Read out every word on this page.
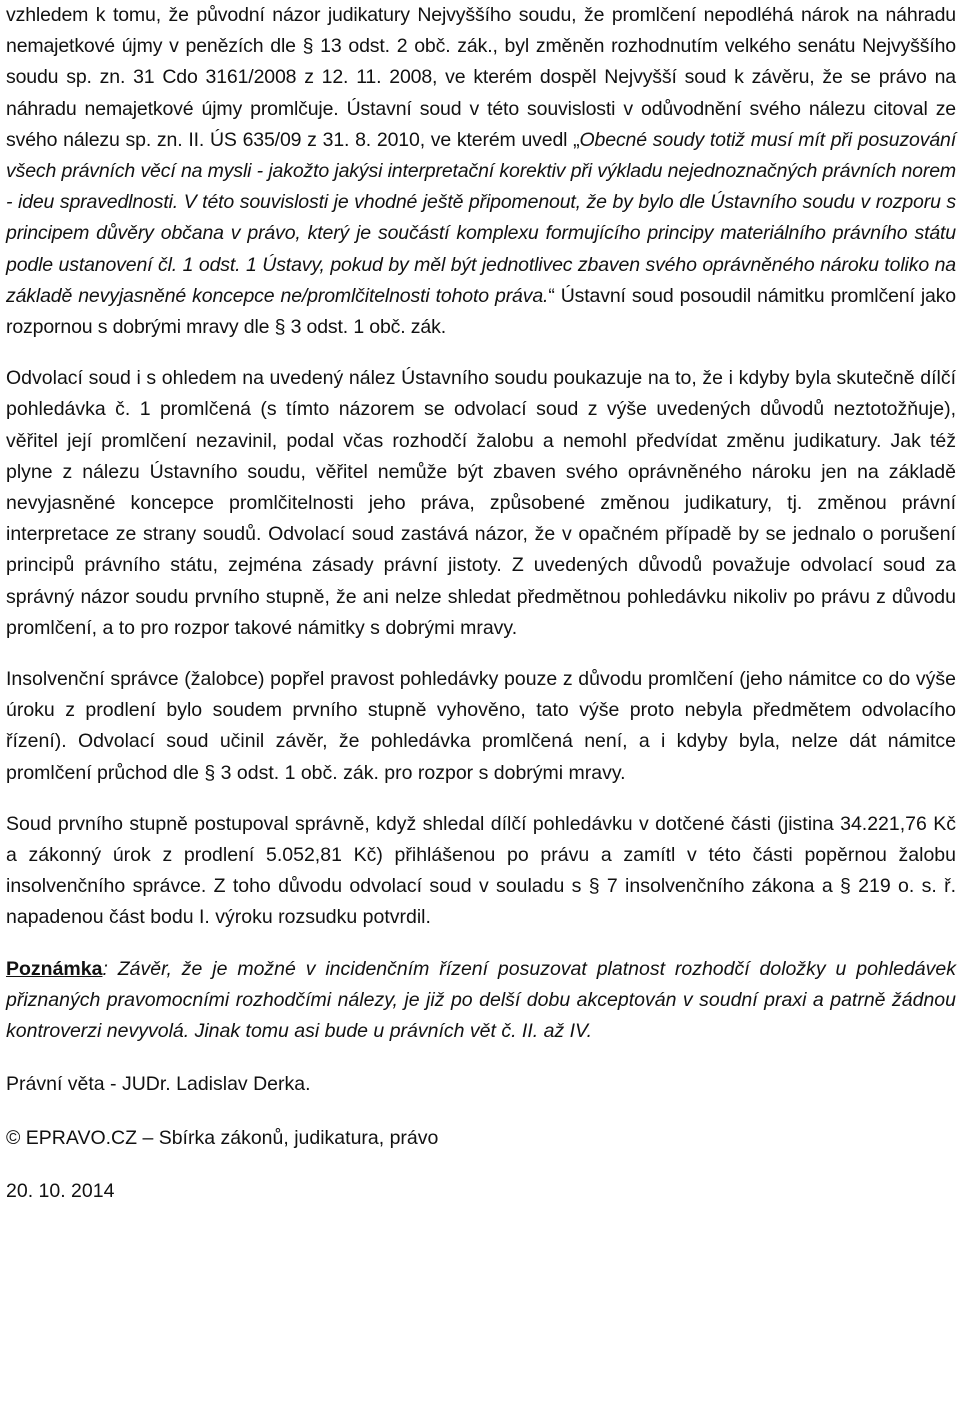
vzhledem k tomu, že původní názor judikatury Nejvyššího soudu, že promlčení nepodléhá nárok na náhradu nemajetkové újmy v penězích dle § 13 odst. 2 obč. zák., byl změněn rozhodnutím velkého senátu Nejvyššího soudu sp. zn. 31 Cdo 3161/2008 z 12. 11. 2008, ve kterém dospěl Nejvyšší soud k závěru, že se právo na náhradu nemajetkové újmy promlčuje. Ústavní soud v této souvislosti v odůvodnění svého nálezu citoval ze svého nálezu sp. zn. II. ÚS 635/09 z 31. 8. 2010, ve kterém uvedl „Obecné soudy totiž musí mít při posuzování všech právních věcí na mysli - jakožto jakýsi interpretační korektiv při výkladu nejednoznačných právních norem - ideu spravedlnosti. V této souvislosti je vhodné ještě připomenout, že by bylo dle Ústavního soudu v rozporu s principem důvěry občana v právo, který je součástí komplexu formujícího principy materiálního právního státu podle ustanovení čl. 1 odst. 1 Ústavy, pokud by měl být jednotlivec zbaven svého oprávněného nároku toliko na základě nevyjasněné koncepce ne/promlčitelnosti tohoto práva.“ Ústavní soud posoudil námitku promlčení jako rozpornou s dobrými mravy dle § 3 odst. 1 obč. zák.

Odvolací soud i s ohledem na uvedený nález Ústavního soudu poukazuje na to, že i kdyby byla skutečně dílčí pohledávka č. 1 promlčená (s tímto názorem se odvolací soud z výše uvedených důvodů neztotožňuje), věřitel její promlčení nezavinil, podal včas rozhodčí žalobu a nemohl předvídat změnu judikatury. Jak též plyne z nálezu Ústavního soudu, věřitel nemůže být zbaven svého oprávněného nároku jen na základě nevyjasněné koncepce promlčitelnosti jeho práva, způsobené změnou judikatury, tj. změnou právní interpretace ze strany soudů. Odvolací soud zastává názor, že v opačném případě by se jednalo o porušení principů právního státu, zejména zásady právní jistoty. Z uvedených důvodů považuje odvolací soud za správný názor soudu prvního stupně, že ani nelze shledat předmětnou pohledávku nikoliv po právu z důvodu promlčení, a to pro rozpor takové námitky s dobrými mravy.

Insolvenční správce (žalobce) popřel pravost pohledávky pouze z důvodu promlčení (jeho námitce co do výše úroku z prodlení bylo soudem prvního stupně vyhověno, tato výše proto nebyla předmětem odvolacího řízení). Odvolací soud učinil závěr, že pohledávka promlčená není, a i kdyby byla, nelze dát námitce promlčení průchod dle § 3 odst. 1 obč. zák. pro rozpor s dobrými mravy.

Soud prvního stupně postupoval správně, když shledal dílčí pohledávku v dotčené části (jistina 34.221,76 Kč a zákonný úrok z prodlení 5.052,81 Kč) přihlášenou po právu a zamítl v této části popěrnou žalobu insolvenčního správce. Z toho důvodu odvolací soud v souladu s § 7 insolvenčního zákona a § 219 o. s. ř. napadenou část bodu I. výroku rozsudku potvrdil.

Poznámka: Závěr, že je možné v incidenčním řízení posuzovat platnost rozhodčí doložky u pohledávek přiznaných pravomocními rozhodčími nálezy, je již po delší dobu akceptován v soudní praxi a patrně žádnou kontroverzi nevyvolá. Jinak tomu asi bude u právních vět č. II. až IV.

Právní věta - JUDr. Ladislav Derka.

© EPRAVO.CZ – Sbírka zákonů, judikatura, právo

20. 10. 2014
